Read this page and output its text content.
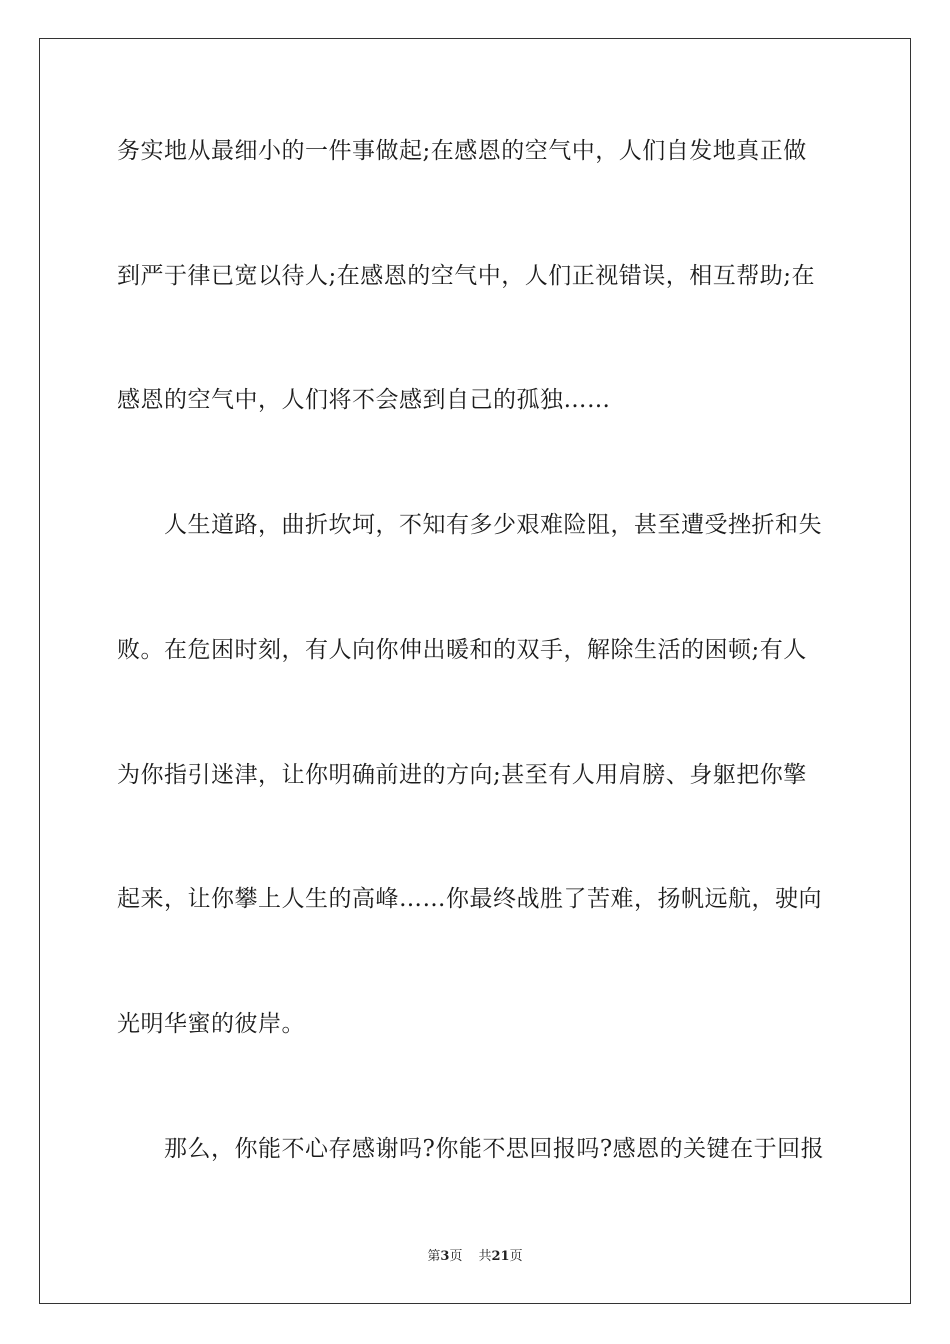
务实地从最细小的一件事做起;在感恩的空气中，人们自发地真正做
到严于律已宽以待人;在感恩的空气中，人们正视错误，相互帮助;在
感恩的空气中，人们将不会感到自己的孤独……
　　人生道路，曲折坎坷，不知有多少艰难险阻，甚至遭受挫折和失
败。在危困时刻，有人向你伸出暖和的双手，解除生活的困顿;有人
为你指引迷津，让你明确前进的方向;甚至有人用肩膀、身躯把你擎
起来，让你攀上人生的高峰……你最终战胜了苦难，扬帆远航，驶向
光明华蜜的彼岸。
　　那么，你能不心存感谢吗?你能不思回报吗?感恩的关键在于回报
第3页 共21页
